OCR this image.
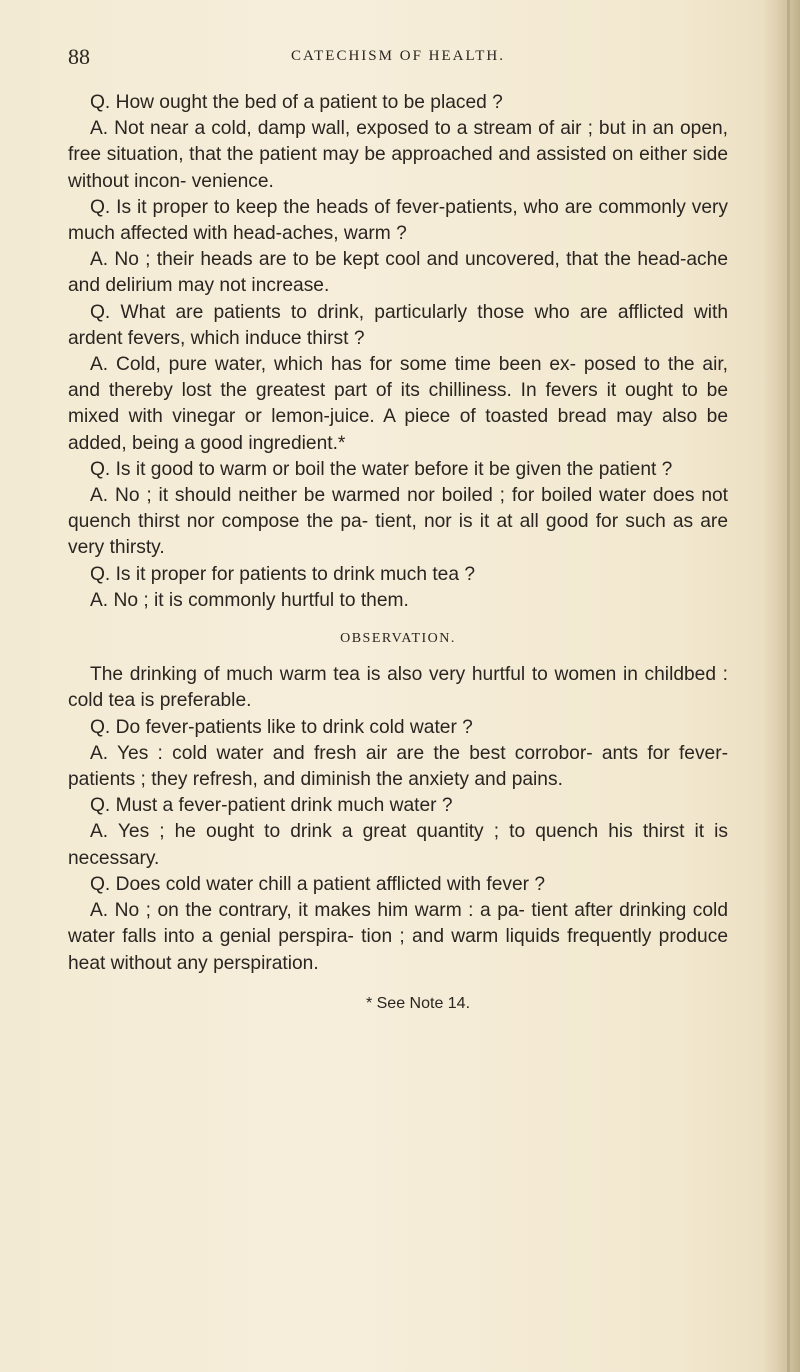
88	CATECHISM OF HEALTH.

Q. How ought the bed of a patient to be placed ?

A. Not near a cold, damp wall, exposed to a stream of air ; but in an open, free situation, that the patient may be approached and assisted on either side without incon- venience.

Q. Is it proper to keep the heads of fever-patients, who are commonly very much affected with head-aches, warm ?

A. No ; their heads are to be kept cool and uncovered, that the head-ache and delirium may not increase.

Q. What are patients to drink, particularly those who are afflicted with ardent fevers, which induce thirst ?

A. Cold, pure water, which has for some time been ex- posed to the air, and thereby lost the greatest part of its chilliness. In fevers it ought to be mixed with vinegar or lemon-juice. A piece of toasted bread may also be added, being a good ingredient.*

Q. Is it good to warm or boil the water before it be given the patient ?

A. No ; it should neither be warmed nor boiled ; for boiled water does not quench thirst nor compose the pa- tient, nor is it at all good for such as are very thirsty.

Q. Is it proper for patients to drink much tea ?

A. No ; it is commonly hurtful to them.

OBSERVATION.

The drinking of much warm tea is also very hurtful to women in childbed : cold tea is preferable.

Q. Do fever-patients like to drink cold water ?

A. Yes : cold water and fresh air are the best corrobor- ants for fever-patients ; they refresh, and diminish the anxiety and pains.

Q. Must a fever-patient drink much water ?

A. Yes ; he ought to drink a great quantity ; to quench his thirst it is necessary.

Q. Does cold water chill a patient afflicted with fever ?

A. No ; on the contrary, it makes him warm : a pa- tient after drinking cold water falls into a genial perspira- tion ; and warm liquids frequently produce heat without any perspiration.

* See Note 14.
